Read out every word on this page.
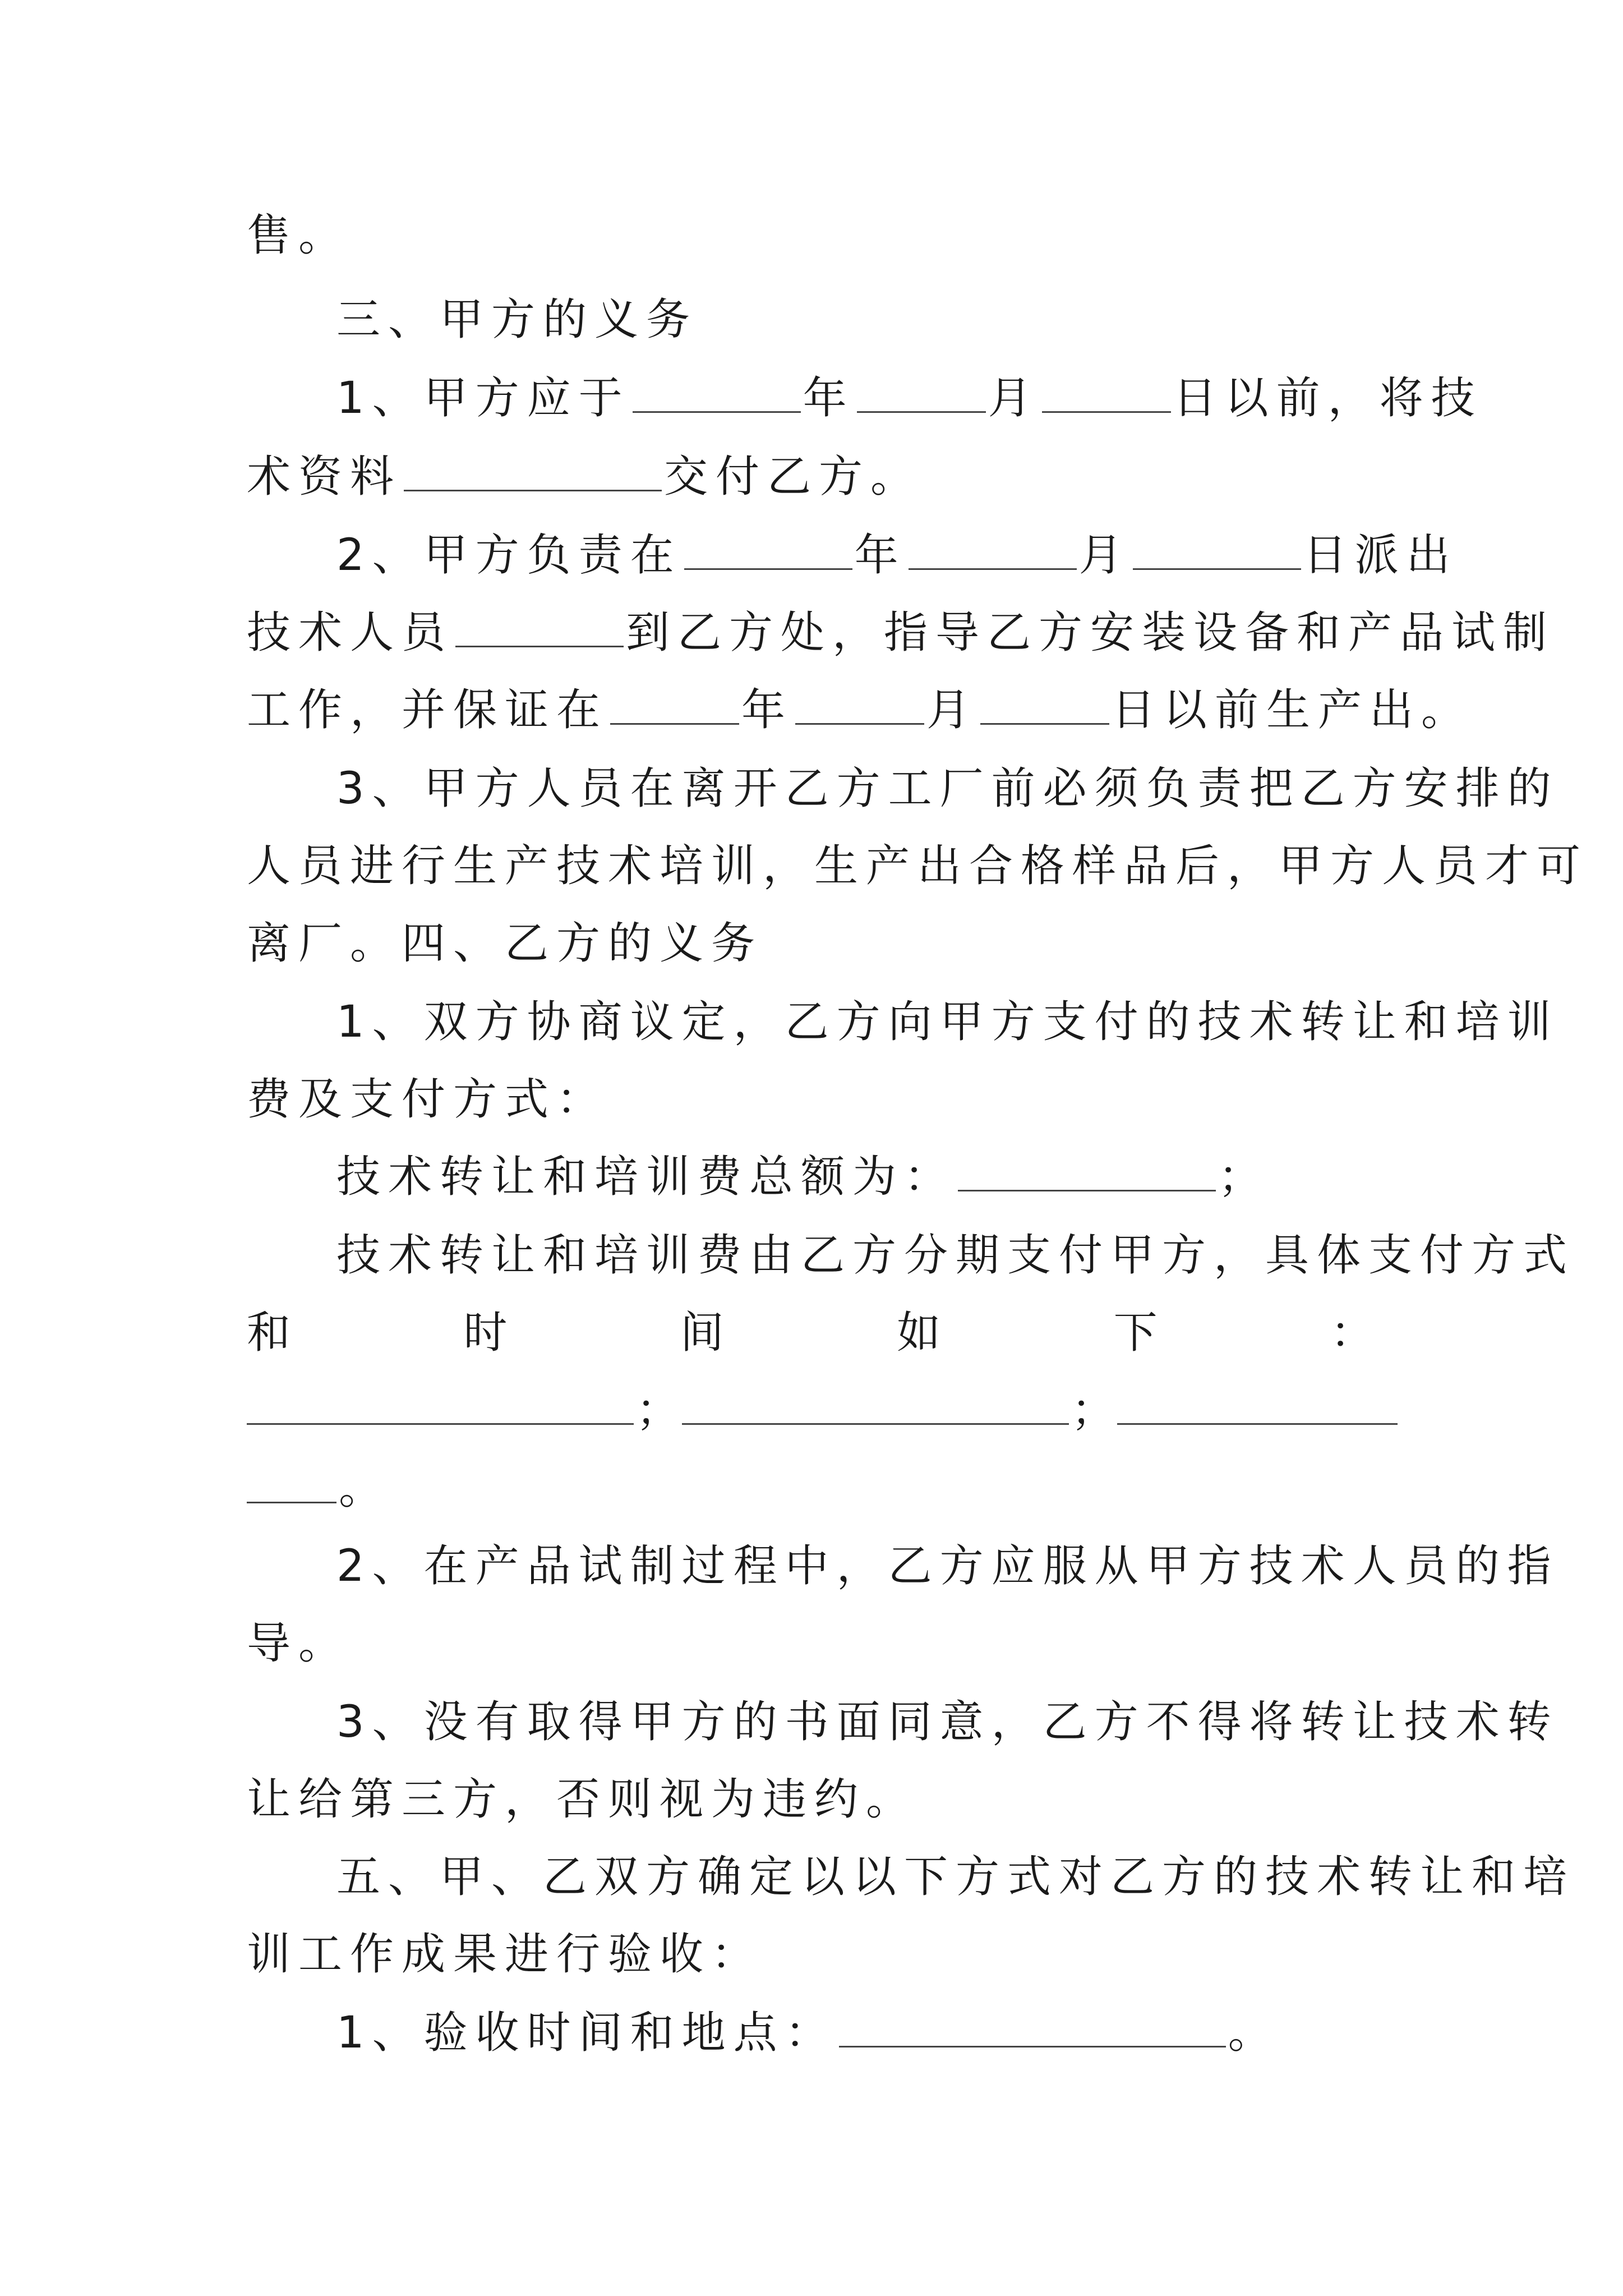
售。
三、甲方的义务
1、甲方应于	年	月	日以前，将技
术资料	交付乙方。
2、甲方负责在	年	月	日派出
技术人员	到乙方处，指导乙方安装设备和产品试制
工作，并保证在	年	月	日以前生产出。
3、甲方人员在离开乙方工厂前必须负责把乙方安排的
人员进行生产技术培训，生产出合格样品后，甲方人员才可
离厂。四、乙方的义务
1、双方协商议定，乙方向甲方支付的技术转让和培训
费及支付方式：
技术转让和培训费总额为：	；
技术转让和培训费由乙方分期支付甲方，具体支付方式
和	时	间	如	下	：
；	；
。
2、在产品试制过程中，乙方应服从甲方技术人员的指
导。
3、没有取得甲方的书面同意，乙方不得将转让技术转
让给第三方，否则视为违约。
五、甲、乙双方确定以以下方式对乙方的技术转让和培
训工作成果进行验收：
1、验收时间和地点：	。
